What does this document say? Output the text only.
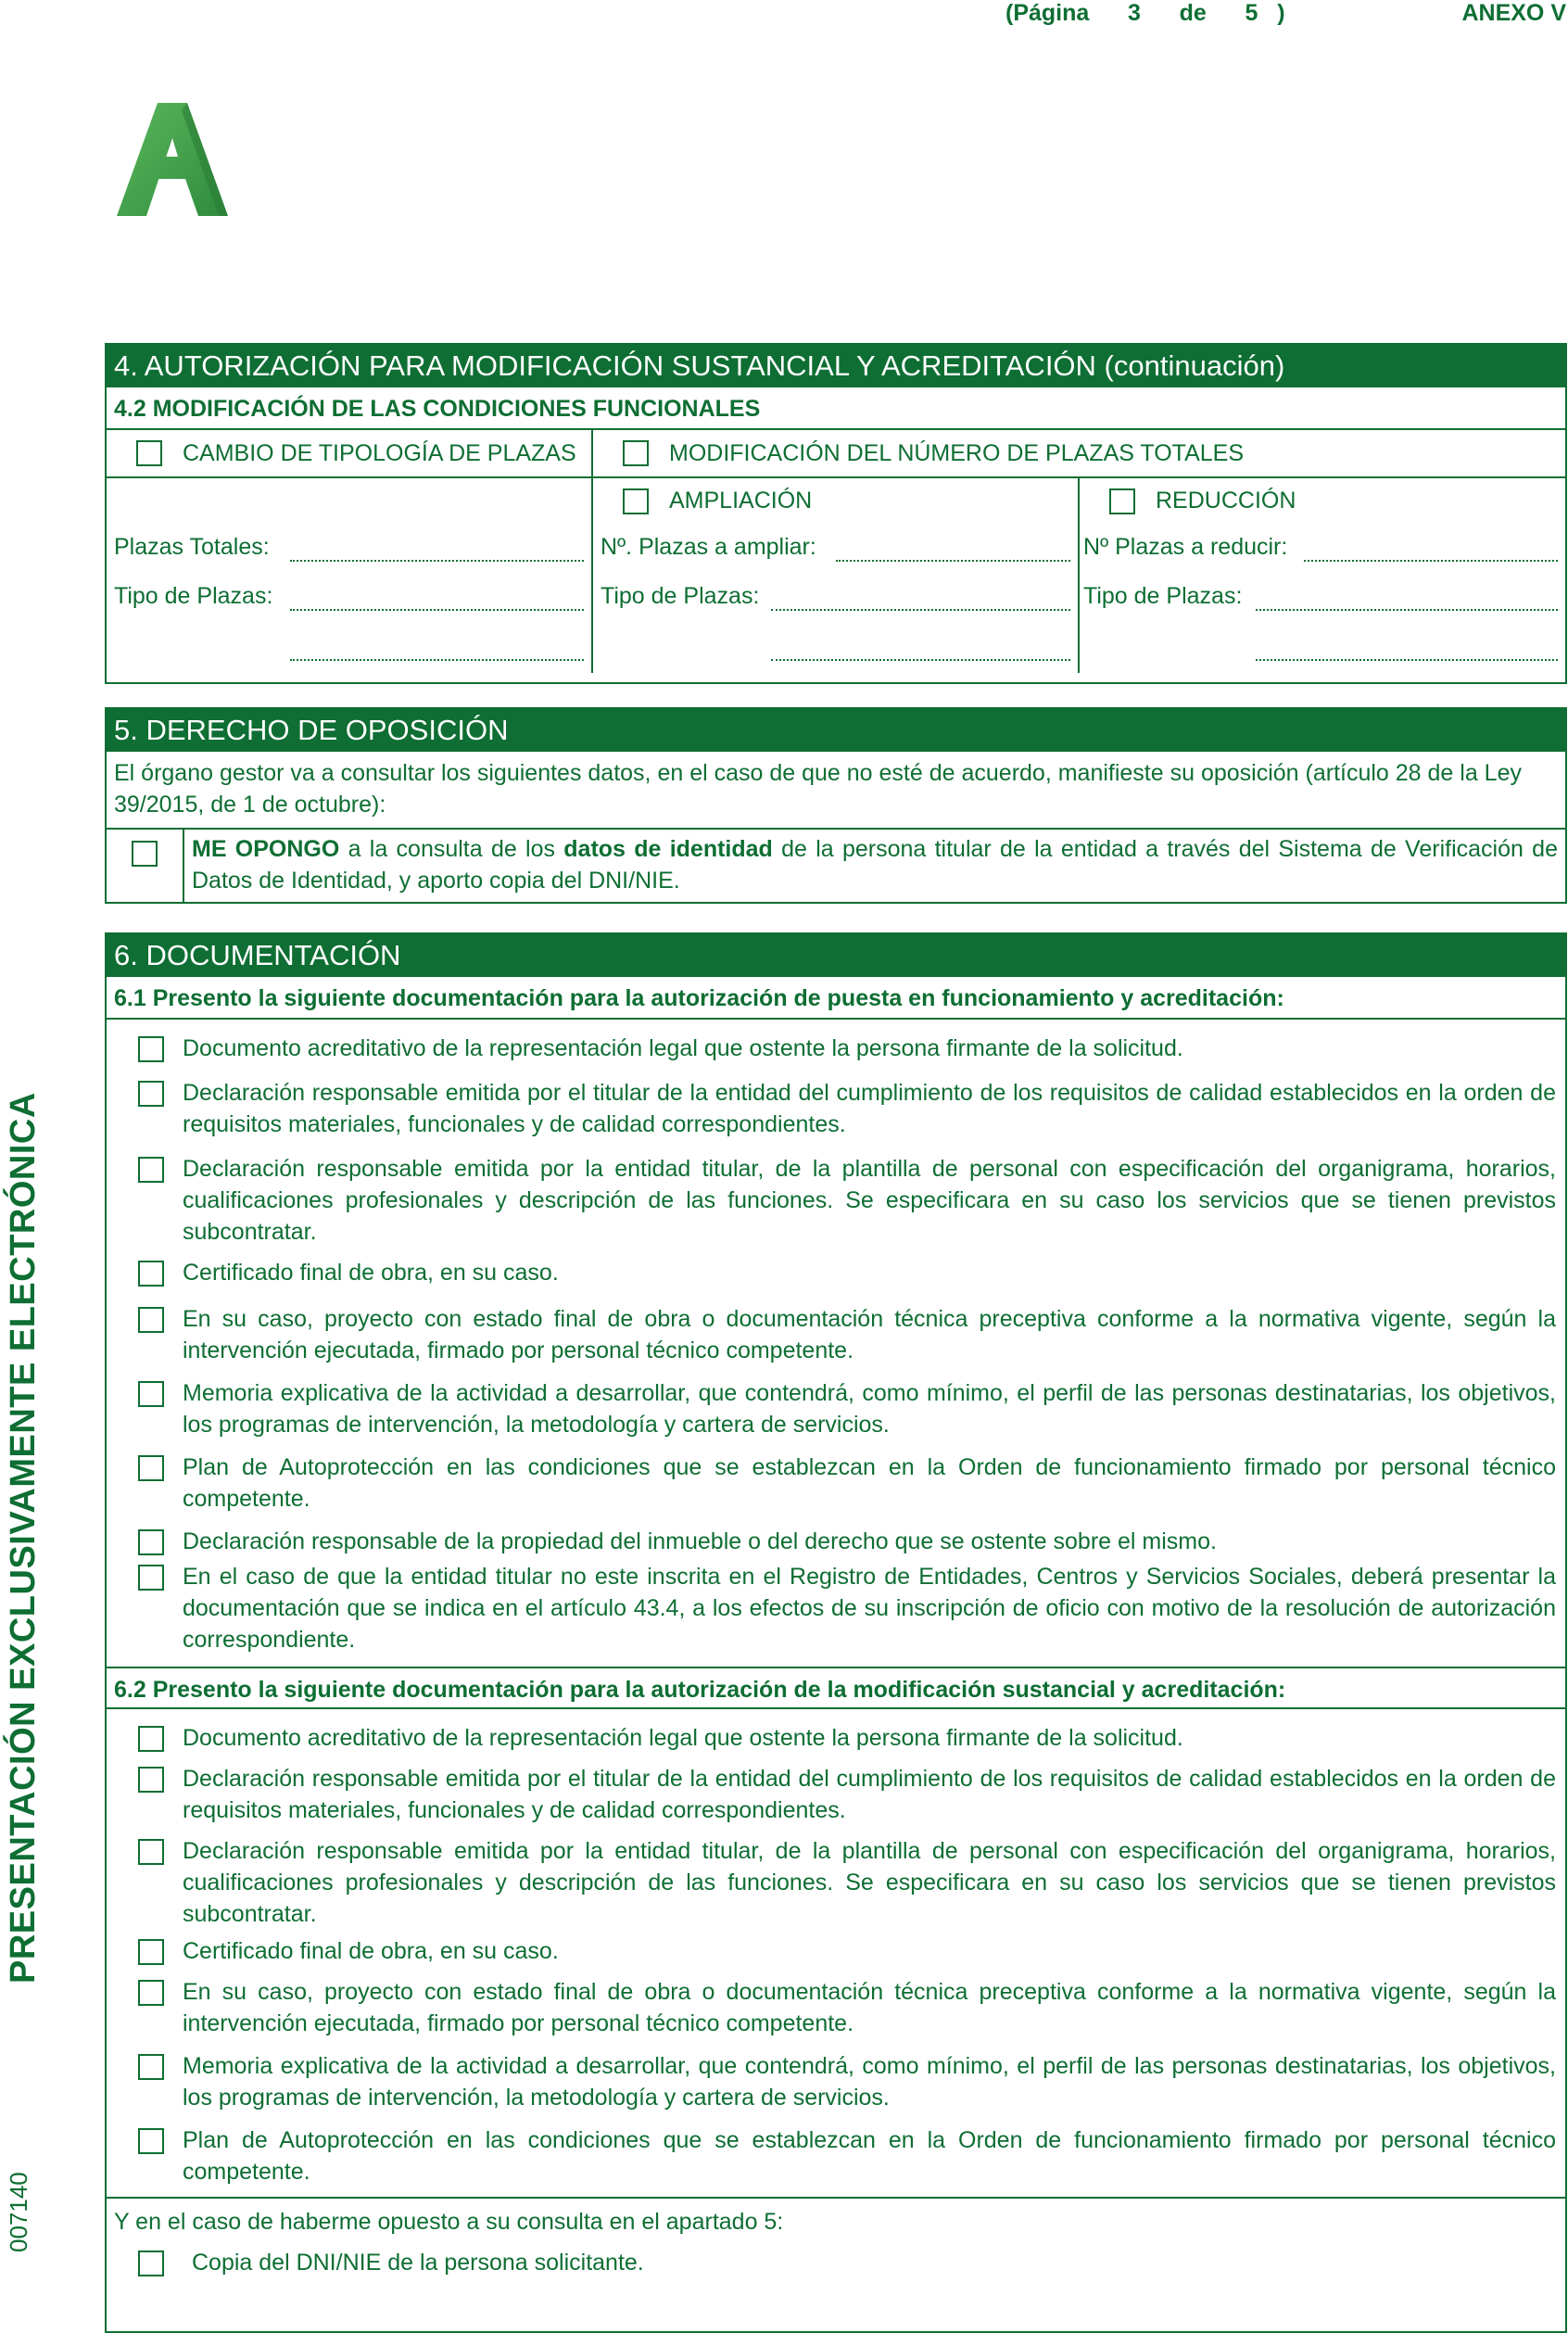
(Página 3 de 5 )	ANEXO V
PRESENTACIÓN EXCLUSIVAMENTE ELECTRÓNICA
007140
4. AUTORIZACIÓN PARA MODIFICACIÓN SUSTANCIAL Y ACREDITACIÓN (continuación)
4.2 MODIFICACIÓN DE LAS CONDICIONES FUNCIONALES
CAMBIO DE TIPOLOGÍA DE PLAZAS	MODIFICACIÓN DEL NÚMERO DE PLAZAS TOTALES
Plazas Totales:
Tipo de Plazas:
AMPLIACIÓN
Nº. Plazas a ampliar:
Tipo de Plazas:
REDUCCIÓN
Nº Plazas a reducir:
Tipo de Plazas:
5. DERECHO DE OPOSICIÓN
El órgano gestor va a consultar los siguientes datos, en el caso de que no esté de acuerdo, manifieste su oposición (artículo 28 de la Ley 39/2015, de 1 de octubre):
ME OPONGO a la consulta de los datos de identidad de la persona titular de la entidad a través del Sistema de Verificación de Datos de Identidad, y aporto copia del DNI/NIE.
6. DOCUMENTACIÓN
6.1 Presento la siguiente documentación para la autorización de puesta en funcionamiento y acreditación:
Documento acreditativo de la representación legal que ostente la persona firmante de la solicitud.
Declaración responsable emitida por el titular de la entidad del cumplimiento de los requisitos de calidad establecidos en la orden de requisitos materiales, funcionales y de calidad correspondientes.
Declaración responsable emitida por la entidad titular, de la plantilla de personal con especificación del organigrama, horarios, cualificaciones profesionales y descripción de las funciones. Se especificara en su caso los servicios que se tienen previstos subcontratar.
Certificado final de obra, en su caso.
En su caso, proyecto con estado final de obra o documentación técnica preceptiva conforme a la normativa vigente, según la intervención ejecutada, firmado por personal técnico competente.
Memoria explicativa de la actividad a desarrollar, que contendrá, como mínimo, el perfil de las personas destinatarias, los objetivos, los programas de intervención, la metodología y cartera de servicios.
Plan de Autoprotección en las condiciones que se establezcan en la Orden de funcionamiento firmado por personal técnico competente.
Declaración responsable de la propiedad del inmueble o del derecho que se ostente sobre el mismo.
En el caso de que la entidad titular no este inscrita en el Registro de Entidades, Centros y Servicios Sociales, deberá presentar la documentación que se indica en el artículo 43.4, a los efectos de su inscripción de oficio con motivo de la resolución de autorización correspondiente.
6.2 Presento la siguiente documentación para la autorización de la modificación sustancial y acreditación:
Documento acreditativo de la representación legal que ostente la persona firmante de la solicitud.
Declaración responsable emitida por el titular de la entidad del cumplimiento de los requisitos de calidad establecidos en la orden de requisitos materiales, funcionales y de calidad correspondientes.
Declaración responsable emitida por la entidad titular, de la plantilla de personal con especificación del organigrama, horarios, cualificaciones profesionales y descripción de las funciones. Se especificara en su caso los servicios que se tienen previstos subcontratar.
Certificado final de obra, en su caso.
En su caso, proyecto con estado final de obra o documentación técnica preceptiva conforme a la normativa vigente, según la intervención ejecutada, firmado por personal técnico competente.
Memoria explicativa de la actividad a desarrollar, que contendrá, como mínimo, el perfil de las personas destinatarias, los objetivos, los programas de intervención, la metodología y cartera de servicios.
Plan de Autoprotección en las condiciones que se establezcan en la Orden de funcionamiento firmado por personal técnico competente.
Y en el caso de haberme opuesto a su consulta en el apartado 5:
Copia del DNI/NIE de la persona solicitante.
